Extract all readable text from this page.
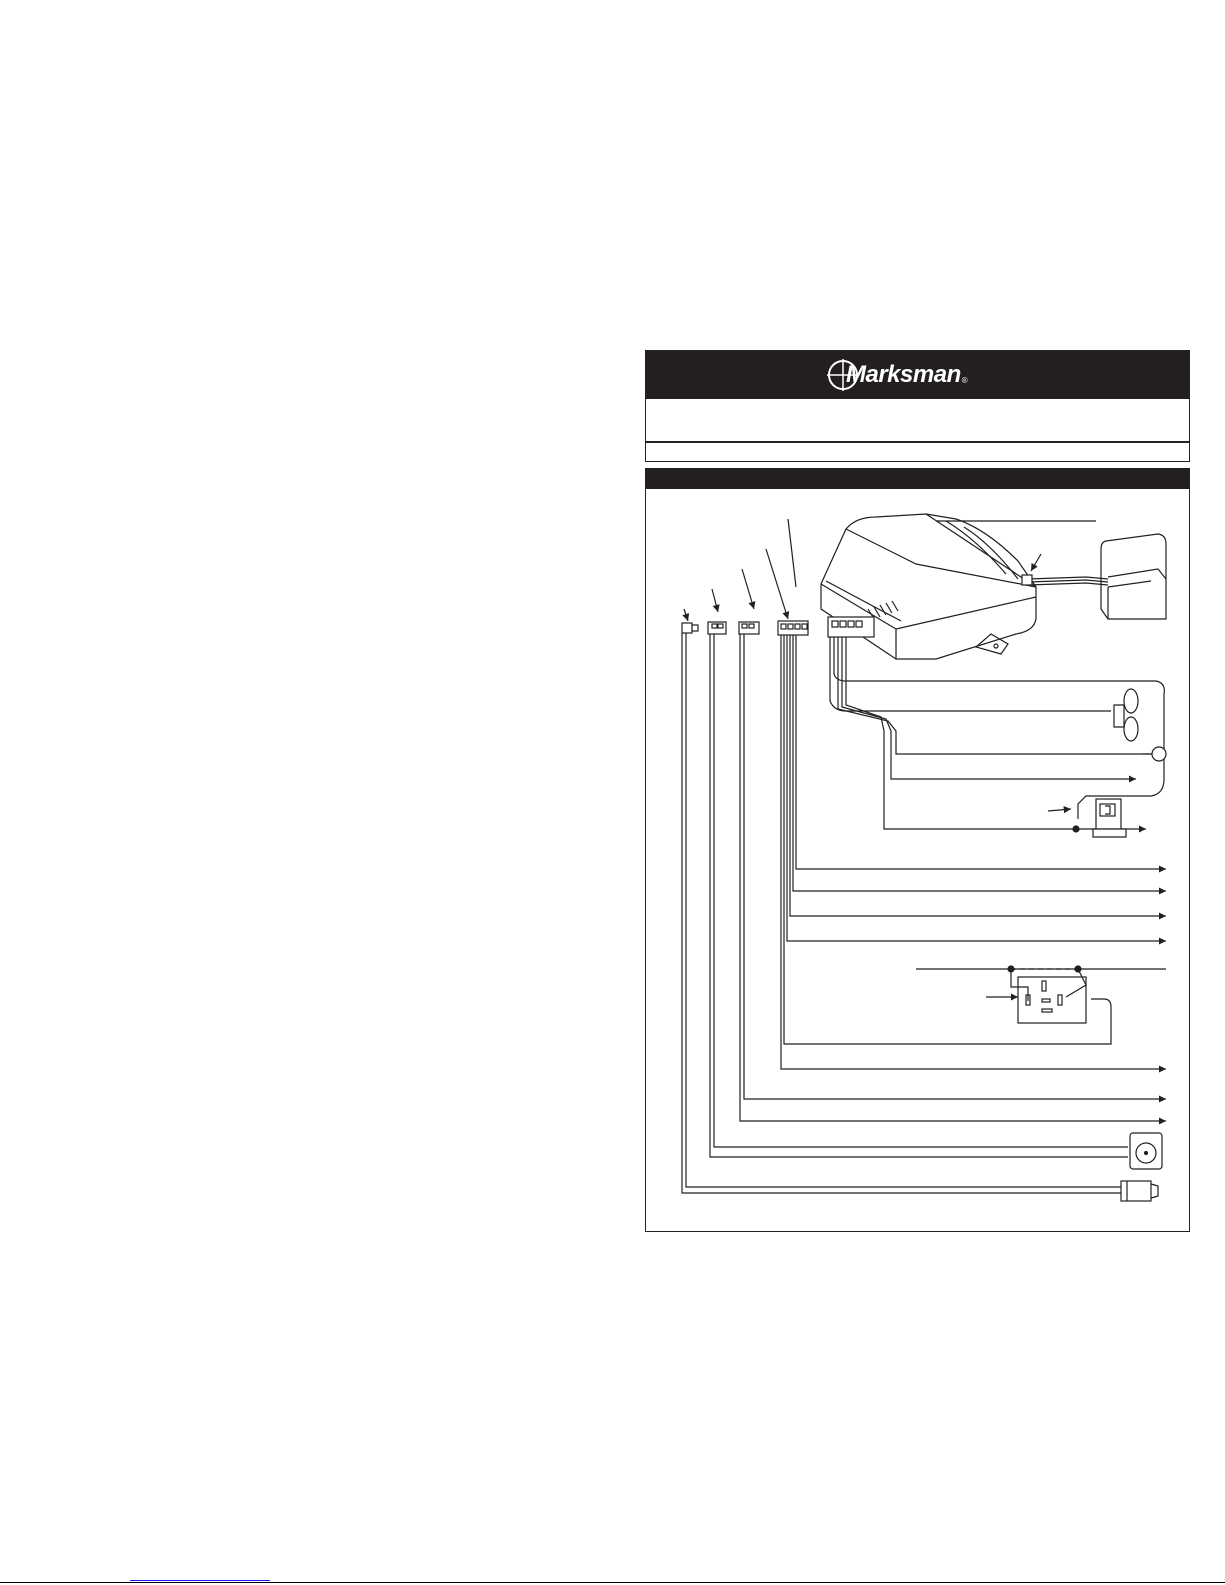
Marksman ®
